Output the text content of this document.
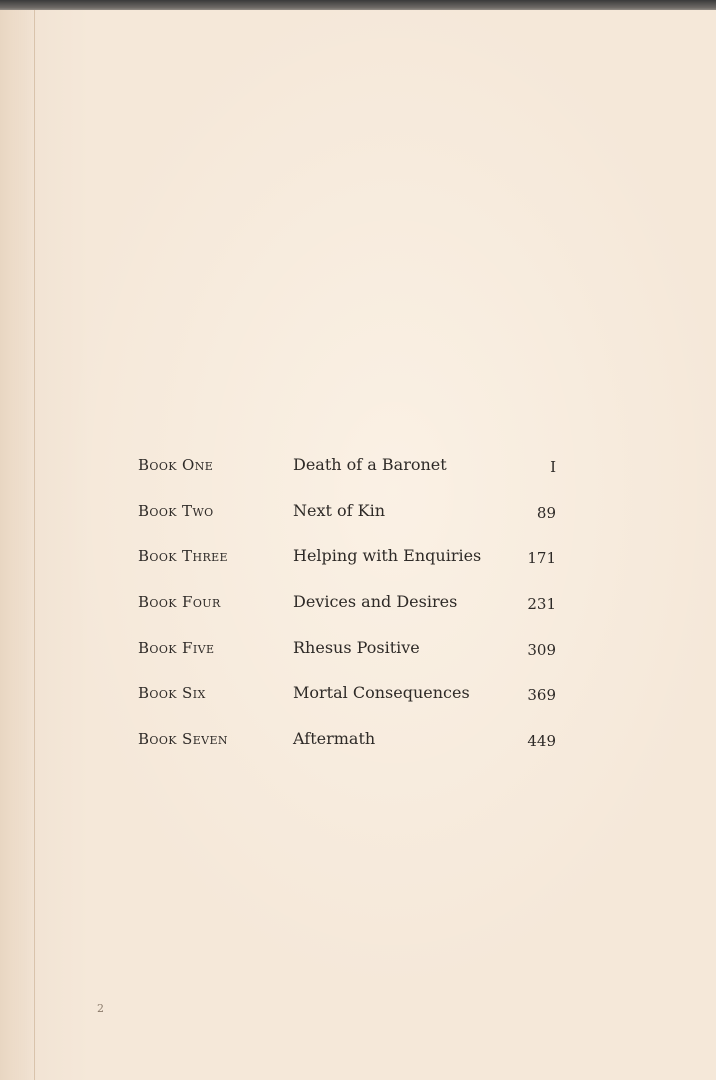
Book One	Death of a Baronet	I
Book Two	Next of Kin	89
Book Three	Helping with Enquiries	171
Book Four	Devices and Desires	231
Book Five	Rhesus Positive	309
Book Six	Mortal Consequences	369
Book Seven	Aftermath	449
2
